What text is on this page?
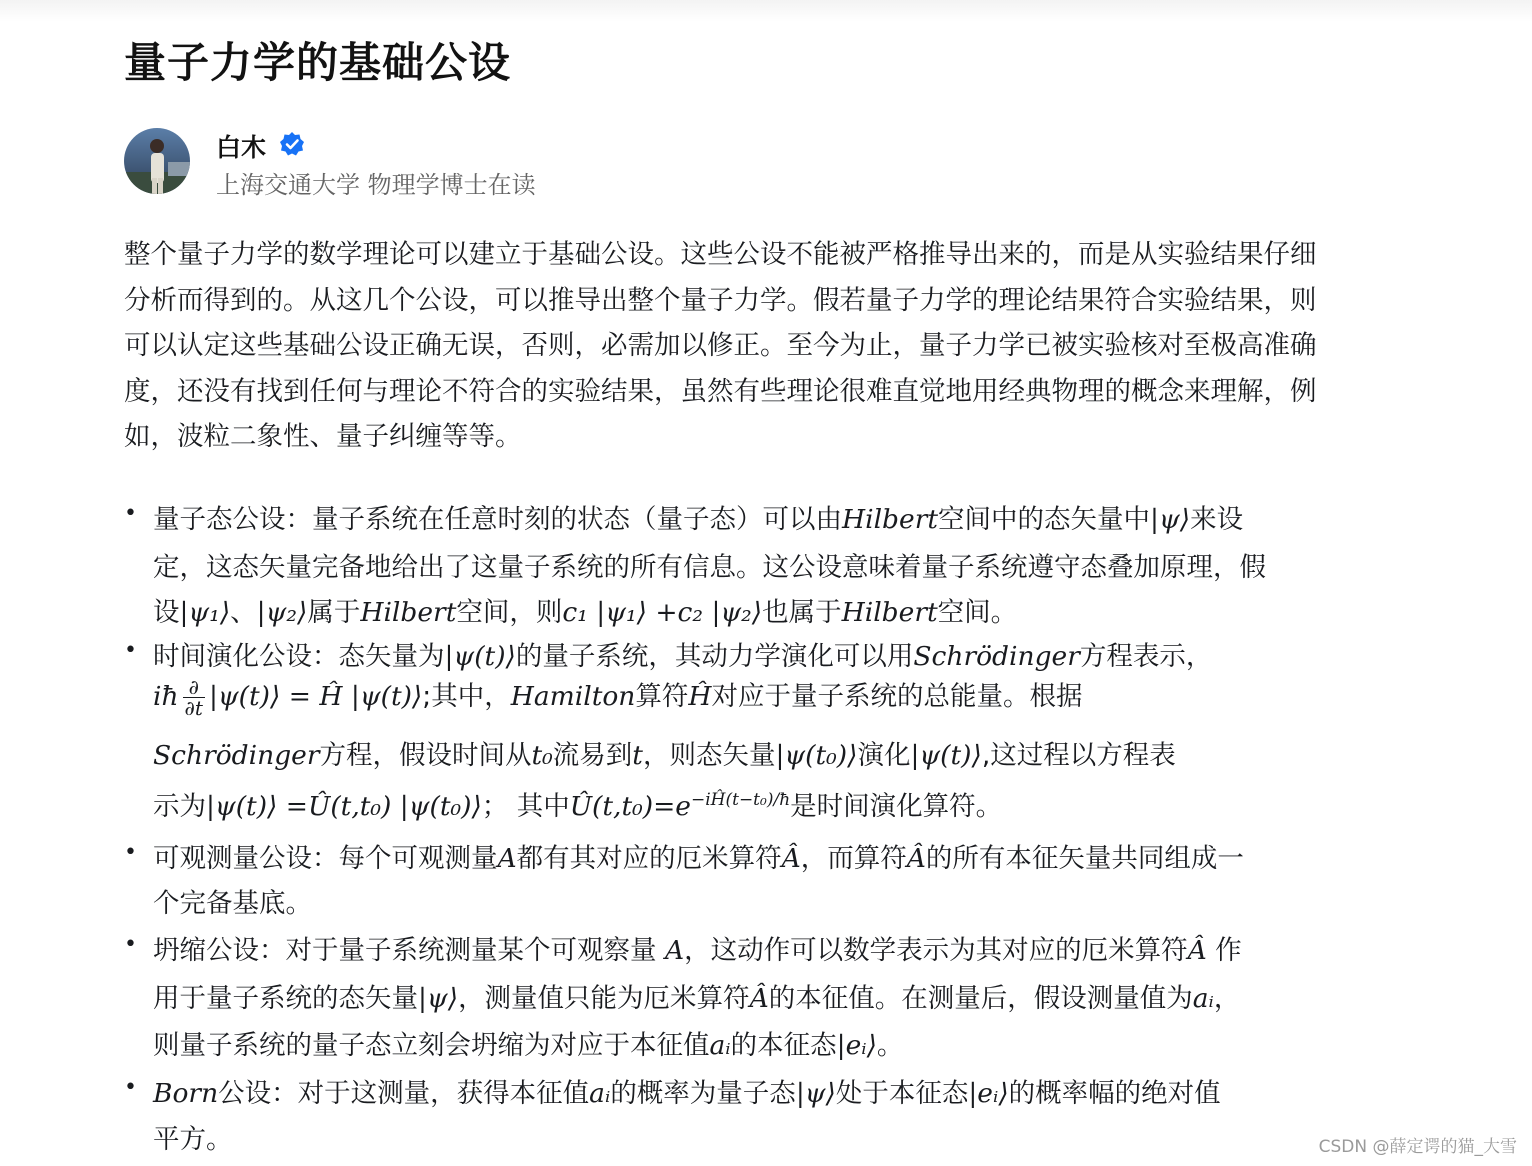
量子力学的基础公设
白木
上海交通大学 物理学博士在读

整个量子力学的数学理论可以建立于基础公设。这些公设不能被严格推导出来的，而是从实验结果仔细分析而得到的。从这几个公设，可以推导出整个量子力学。假若量子力学的理论结果符合实验结果，则可以认定这些基础公设正确无误，否则，必需加以修正。至今为止，量子力学已被实验核对至极高准确度，还没有找到任何与理论不符合的实验结果，虽然有些理论很难直觉地用经典物理的概念来理解，例如，波粒二象性、量子纠缠等等。

• 量子态公设：量子系统在任意时刻的状态（量子态）可以由Hilbert空间中的态矢量中|ψ⟩来设
定，这态矢量完备地给出了这量子系统的所有信息。这公设意味着量子系统遵守态叠加原理，假
设|ψ₁⟩、|ψ₂⟩属于Hilbert空间，则c₁ |ψ₁⟩ +c₂ |ψ₂⟩也属于Hilbert空间。
• 时间演化公设：态矢量为|ψ(t)⟩的量子系统，其动力学演化可以用Schrödinger方程表示，
iħ $\frac{\partial}{\partial t}$ |ψ(t)⟩ = Ĥ |ψ(t)⟩;其中，Hamilton算符Ĥ对应于量子系统的总能量。根据
Schrödinger方程，假设时间从t₀流易到t，则态矢量|ψ(t₀)⟩演化|ψ(t)⟩,这过程以方程表
示为|ψ(t)⟩ =Û(t,t₀) |ψ(t₀)⟩； 其中$Û(t,t_0)=e^{-iĤ(t-t_0)/ħ}$是时间演化算符。
• 可观测量公设：每个可观测量A都有其对应的厄米算符Â，而算符Â的所有本征矢量共同组成一
个完备基底。
• 坍缩公设：对于量子系统测量某个可观察量 A，这动作可以数学表示为其对应的厄米算符Â 作
用于量子系统的态矢量|ψ⟩，测量值只能为厄米算符Â的本征值。在测量后，假设测量值为aᵢ，
则量子系统的量子态立刻会坍缩为对应于本征值aᵢ的本征态|eᵢ⟩。
• Born公设：对于这测量，获得本征值aᵢ的概率为量子态|ψ⟩处于本征态|eᵢ⟩的概率幅的绝对值
平方。	CSDN @薛定谔的猫_大雪
